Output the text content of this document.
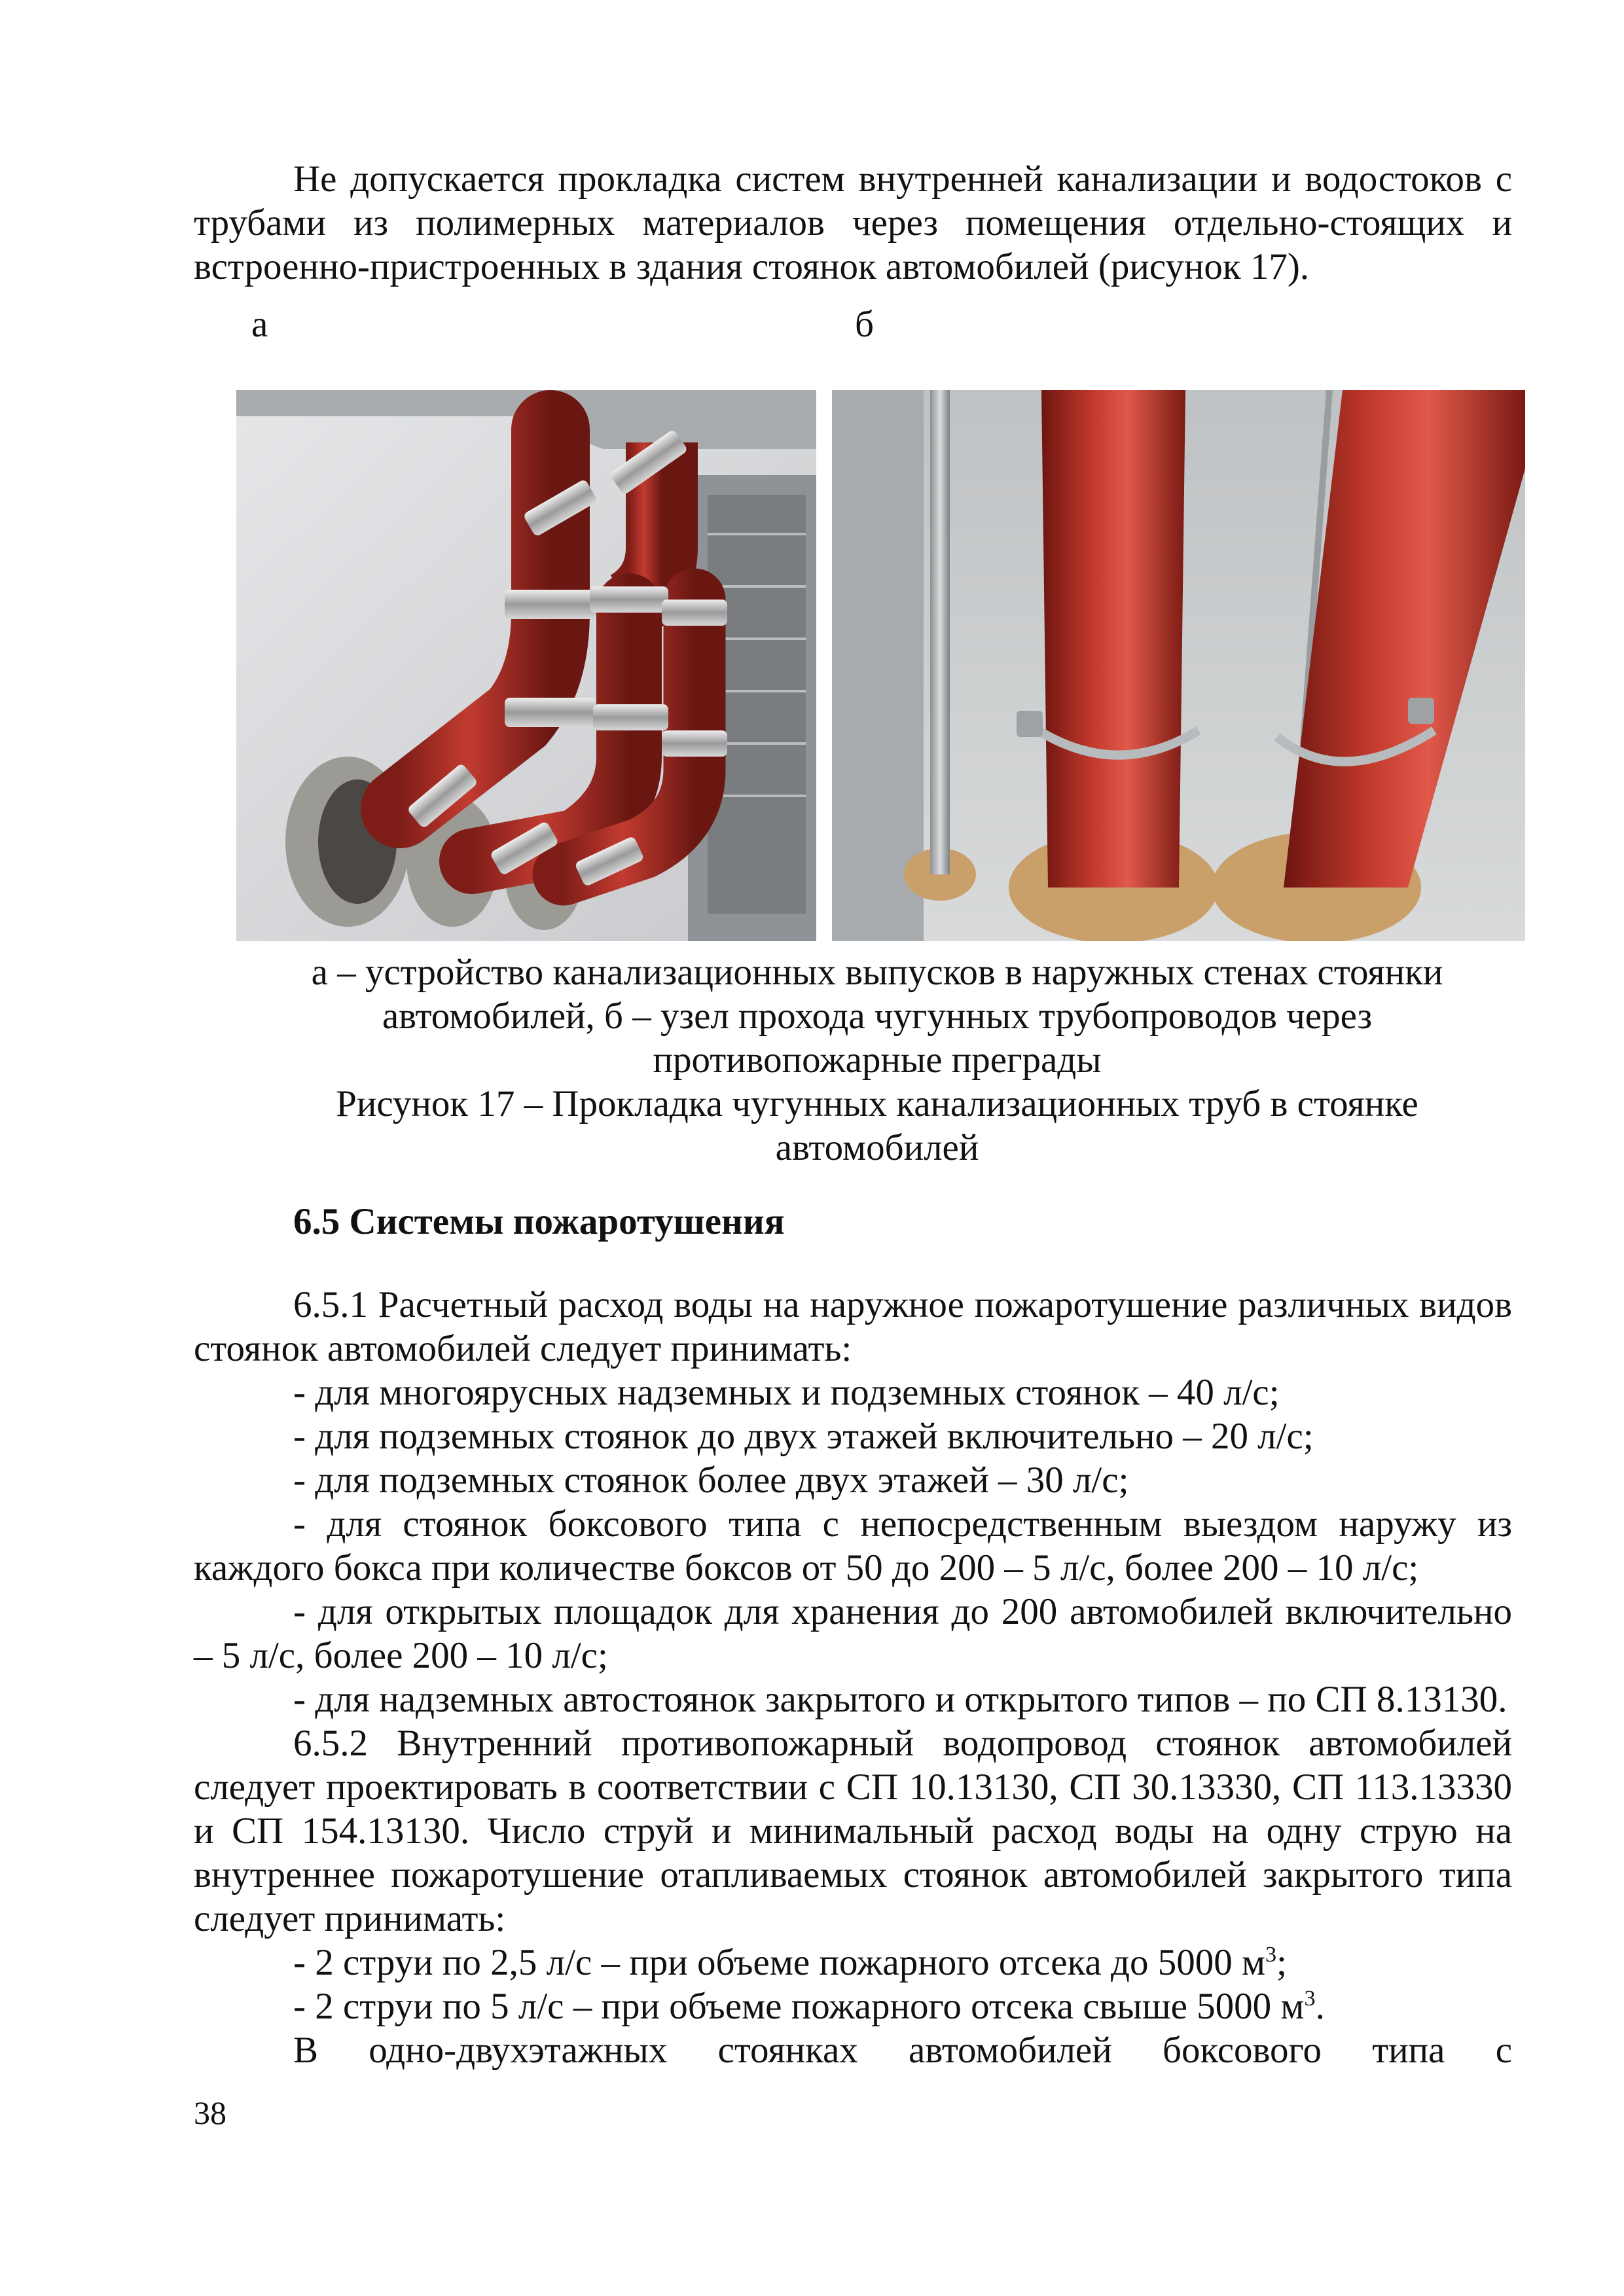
Не допускается прокладка систем внутренней канализации и водостоков с трубами из полимерных материалов через помещения отдельно-стоящих и встроенно-пристроенных в здания стоянок автомобилей (рисунок 17).

а	б
а – устройство канализационных выпусков в наружных стенах стоянки автомобилей, б – узел прохода чугунных трубопроводов через противопожарные преграды
Рисунок 17 – Прокладка чугунных канализационных труб в стоянке автомобилей
6.5 Системы пожаротушения

6.5.1 Расчетный расход воды на наружное пожаротушение различных видов стоянок автомобилей следует принимать:

- для многоярусных надземных и подземных стоянок – 40 л/с;

- для подземных стоянок до двух этажей включительно – 20 л/с;

- для подземных стоянок более двух этажей – 30 л/с;

- для стоянок боксового типа с непосредственным выездом наружу из каждого бокса при количестве боксов от 50 до 200 – 5 л/с, более 200 – 10 л/с;

- для открытых площадок для хранения до 200 автомобилей включительно – 5 л/с, более 200 – 10 л/с;

- для надземных автостоянок закрытого и открытого типов – по СП 8.13130.

6.5.2 Внутренний противопожарный водопровод стоянок автомобилей следует проектировать в соответствии с СП 10.13130, СП 30.13330, СП 113.13330 и СП 154.13130. Число струй и минимальный расход воды на одну струю на внутреннее пожаротушение отапливаемых стоянок автомобилей закрытого типа следует принимать:

- 2 струи по 2,5 л/с – при объеме пожарного отсека до 5000 $м^3$;

- 2 струи по 5 л/с – при объеме пожарного отсека свыше 5000 $м^3$.

В одно-двухэтажных стоянках автомобилей боксового типа с

38
